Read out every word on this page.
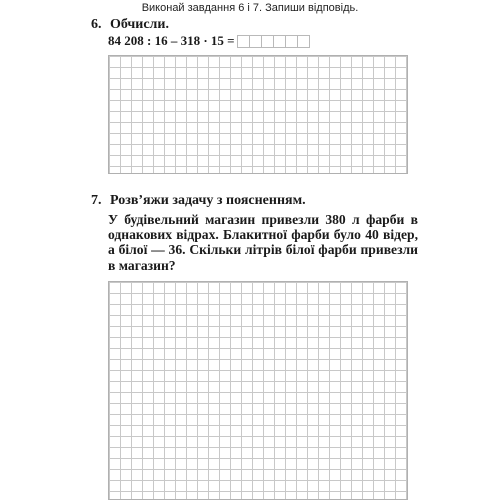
Виконай завдання 6 і 7. Запиши відповідь.
6. Обчисли.
84 208 : 16 – 318 · 15 =
7. Розв’яжи задачу з поясненням.
У будівельний магазин привезли 380 л фарби в
однакових відрах. Блакитної фарби було 40 відер,
а білої — 36. Скільки літрів білої фарби привезли
в магазин?
